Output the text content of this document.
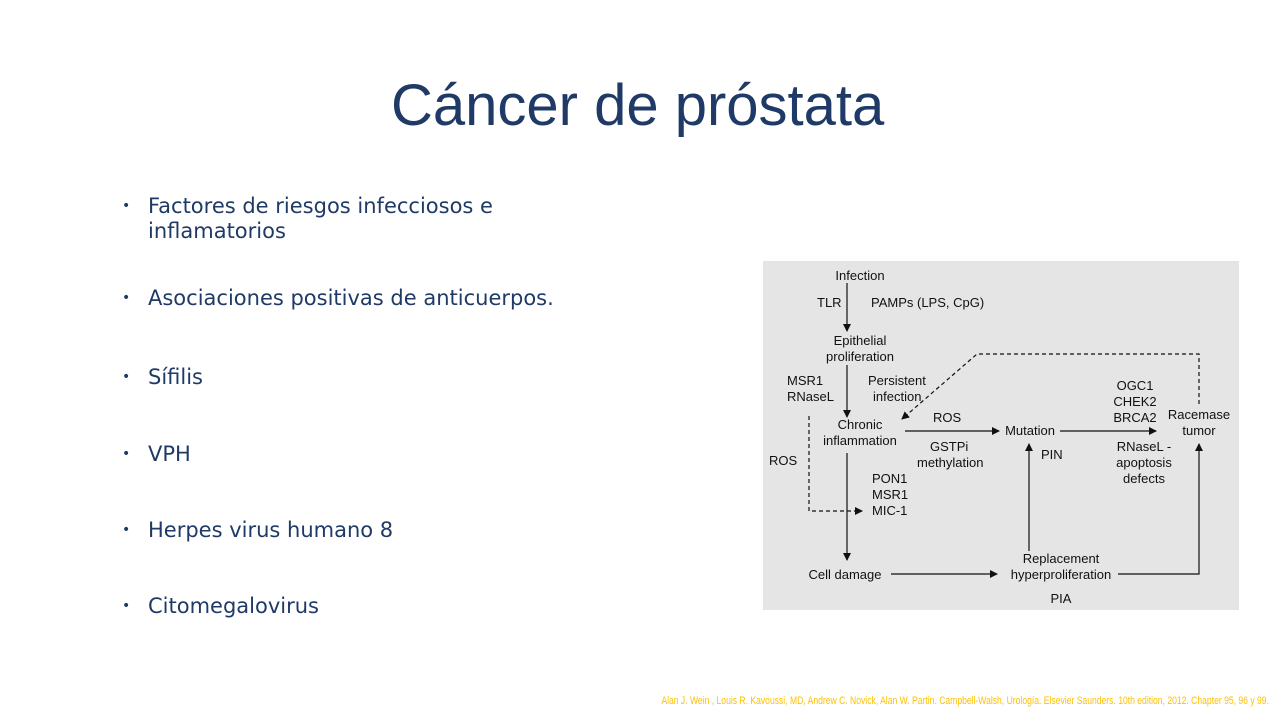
Cáncer de próstata
• Factores de riesgos infecciosos e inflamatorios
• Asociaciones positivas de anticuerpos.
• Sífilis
• VPH
• Herpes virus humano 8
• Citomegalovirus
Infection
TLR PAMPs (LPS, CpG)
Epithelial
proliferation
MSR1
RNaseL
Persistent
infection
Chronic
inflammation
ROS
GSTPi
methylation
Mutation
PIN
OGC1
CHEK2
BRCA2 Racemase
tumor
RNaseL -
apoptosis
defects
ROS
PON1
MSR1
MIC-1
Cell damage
Replacement
hyperproliferation
PIA
Alan J. Wein , Louis R. Kavoussi, MD, Andrew C. Novick, Alan W. Partin. Campbell-Walsh, Urología. Elsevier Saunders. 10th edition, 2012. Chapter 95, 96 y 99.
